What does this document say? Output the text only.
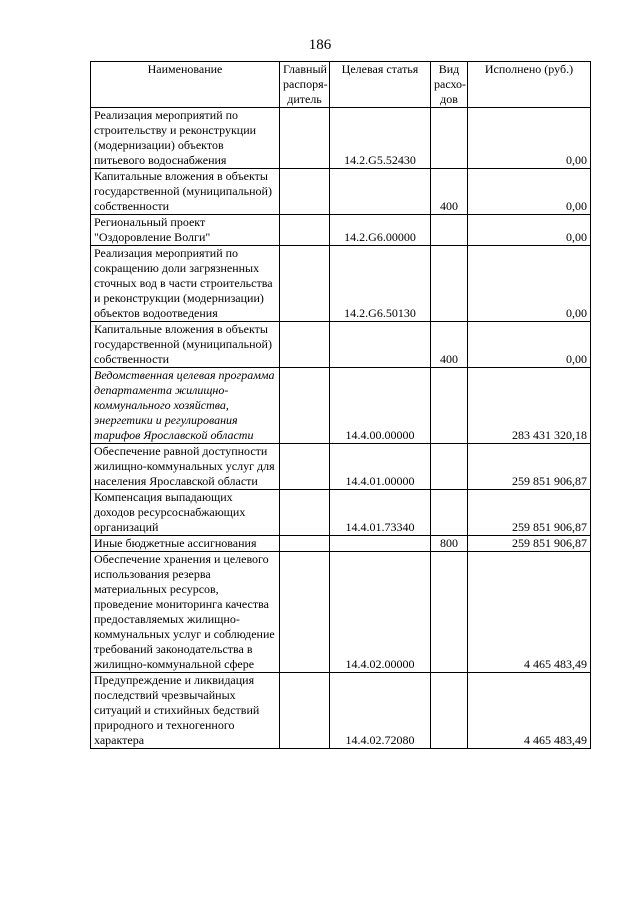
186
Наименование	Главный распоря-дитель	Целевая статья	Вид расхо-дов	Исполнено (руб.)
Реализация мероприятий по строительству и реконструкции (модернизации) объектов питьевого водоснабжения		14.2.G5.52430		0,00
Капитальные вложения в объекты государственной (муниципальной) собственности			400	0,00
Региональный проект "Оздоровление Волги"		14.2.G6.00000		0,00
Реализация мероприятий по сокращению доли загрязненных сточных вод в части строительства и реконструкции (модернизации) объектов водоотведения		14.2.G6.50130		0,00
Капитальные вложения в объекты государственной (муниципальной) собственности			400	0,00
Ведомственная целевая программа департамента жилищно-коммунального хозяйства, энергетики и регулирования тарифов Ярославской области		14.4.00.00000		283 431 320,18
Обеспечение равной доступности жилищно-коммунальных услуг для населения Ярославской области		14.4.01.00000		259 851 906,87
Компенсация выпадающих доходов ресурсоснабжающих организаций		14.4.01.73340		259 851 906,87
Иные бюджетные ассигнования			800	259 851 906,87
Обеспечение хранения и целевого использования резерва материальных ресурсов, проведение мониторинга качества предоставляемых жилищно-коммунальных услуг и соблюдение требований законодательства в жилищно-коммунальной сфере		14.4.02.00000		4 465 483,49
Предупреждение и ликвидация последствий чрезвычайных ситуаций и стихийных бедствий природного и техногенного характера		14.4.02.72080		4 465 483,49
